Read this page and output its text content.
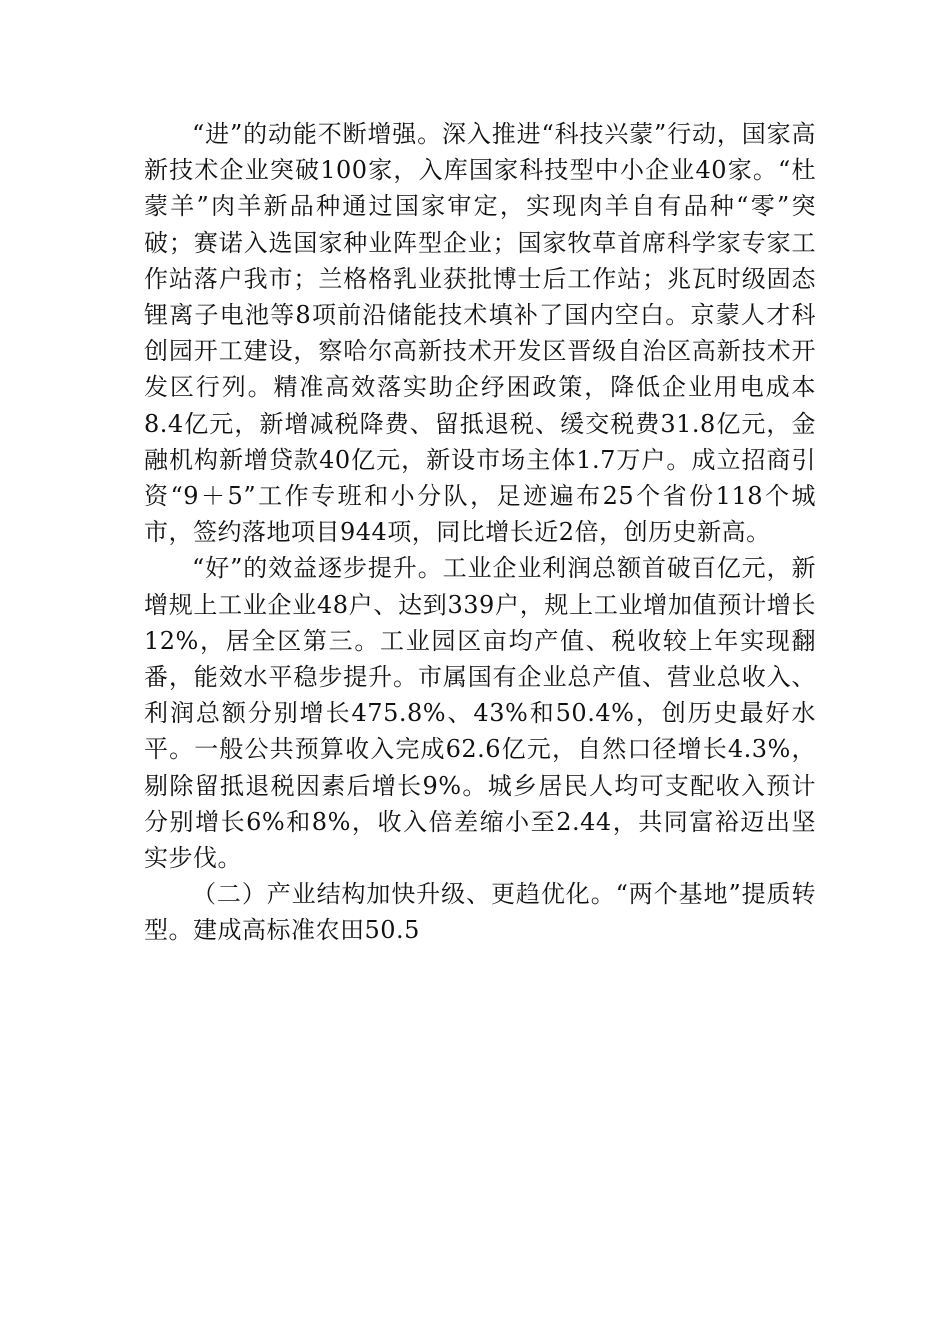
“进”的动能不断增强。深入推进“科技兴蒙”行动，国家高新技术企业突破100家，入库国家科技型中小企业40家。“杜蒙羊”肉羊新品种通过国家审定，实现肉羊自有品种“零”突破；赛诺入选国家种业阵型企业；国家牧草首席科学家专家工作站落户我市；兰格格乳业获批博士后工作站；兆瓦时级固态锂离子电池等8项前沿储能技术填补了国内空白。京蒙人才科创园开工建设，察哈尔高新技术开发区晋级自治区高新技术开发区行列。精准高效落实助企纾困政策，降低企业用电成本8.4亿元，新增减税降费、留抵退税、缓交税费31.8亿元，金融机构新增贷款40亿元，新设市场主体1.7万户。成立招商引资“9＋5”工作专班和小分队，足迹遍布25个省份118个城市，签约落地项目944项，同比增长近2倍，创历史新高。

“好”的效益逐步提升。工业企业利润总额首破百亿元，新增规上工业企业48户、达到339户，规上工业增加值预计增长12%，居全区第三。工业园区亩均产值、税收较上年实现翻番，能效水平稳步提升。市属国有企业总产值、营业总收入、利润总额分别增长475.8%、43%和50.4%，创历史最好水平。一般公共预算收入完成62.6亿元，自然口径增长4.3%，剔除留抵退税因素后增长9%。城乡居民人均可支配收入预计分别增长6%和8%，收入倍差缩小至2.44，共同富裕迈出坚实步伐。

（二）产业结构加快升级、更趋优化。“两个基地”提质转型。建成高标准农田50.5
